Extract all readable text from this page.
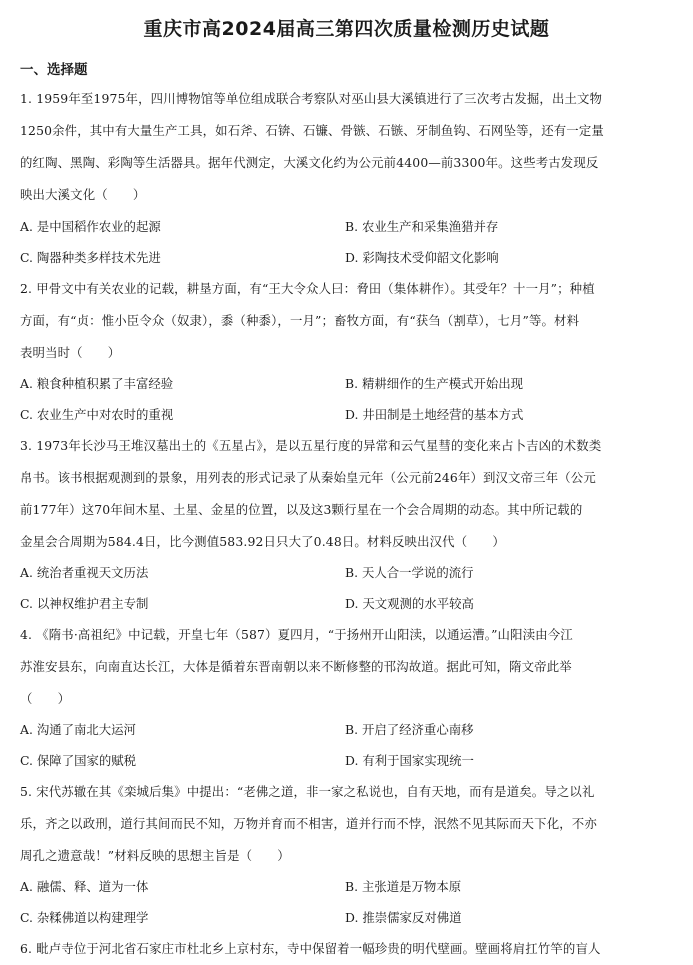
重庆市高2024届高三第四次质量检测历史试题
一、选择题
1. 1959年至1975年，四川博物馆等单位组成联合考察队对巫山县大溪镇进行了三次考古发掘，出土文物
1250余件，其中有大量生产工具，如石斧、石锛、石镰、骨镞、石镞、牙制鱼钩、石网坠等，还有一定量
的红陶、黑陶、彩陶等生活器具。据年代测定，大溪文化约为公元前4400—前3300年。这些考古发现反
映出大溪文化（　　）
A. 是中国稻作农业的起源	B. 农业生产和采集渔猎并存
C. 陶器种类多样技术先进	D. 彩陶技术受仰韶文化影响
2. 甲骨文中有关农业的记载，耕垦方面，有“王大令众人曰：脅田（集体耕作）。其受年？十一月”；种植
方面，有“贞：惟小臣令众（奴隶），黍（种黍），一月”；畜牧方面，有“获刍（割草），七月”等。材料
表明当时（　　）
A. 粮食种植积累了丰富经验	B. 精耕细作的生产模式开始出现
C. 农业生产中对农时的重视	D. 井田制是土地经营的基本方式
3. 1973年长沙马王堆汉墓出土的《五星占》，是以五星行度的异常和云气星彗的变化来占卜吉凶的术数类
帛书。该书根据观测到的景象，用列表的形式记录了从秦始皇元年（公元前246年）到汉文帝三年（公元
前177年）这70年间木星、土星、金星的位置，以及这3颗行星在一个会合周期的动态。其中所记载的
金星会合周期为584.4日，比今测值583.92日只大了0.48日。材料反映出汉代（　　）
A. 统治者重视天文历法	B. 天人合一学说的流行
C. 以神权维护君主专制	D. 天文观测的水平较高
4. 《隋书·高祖纪》中记载，开皇七年（587）夏四月，“于扬州开山阳渎，以通运漕。”山阳渎由今江
苏淮安县东，向南直达长江，大体是循着东晋南朝以来不断修整的邗沟故道。据此可知，隋文帝此举
（　　）
A. 沟通了南北大运河	B. 开启了经济重心南移
C. 保障了国家的赋税	D. 有利于国家实现统一
5. 宋代苏辙在其《栾城后集》中提出：“老佛之道，非一家之私说也，自有天地，而有是道矣。导之以礼
乐，齐之以政刑，道行其间而民不知，万物并育而不相害，道并行而不悖，泯然不见其际而天下化，不亦
周孔之遗意哉！”材料反映的思想主旨是（　　）
A. 融儒、释、道为一体	B. 主张道是万物本原
C. 杂糅佛道以构建理学	D. 推崇儒家反对佛道
6. 毗卢寺位于河北省石家庄市杜北乡上京村东，寺中保留着一幅珍贵的明代壁画。壁画将肩扛竹竿的盲人
